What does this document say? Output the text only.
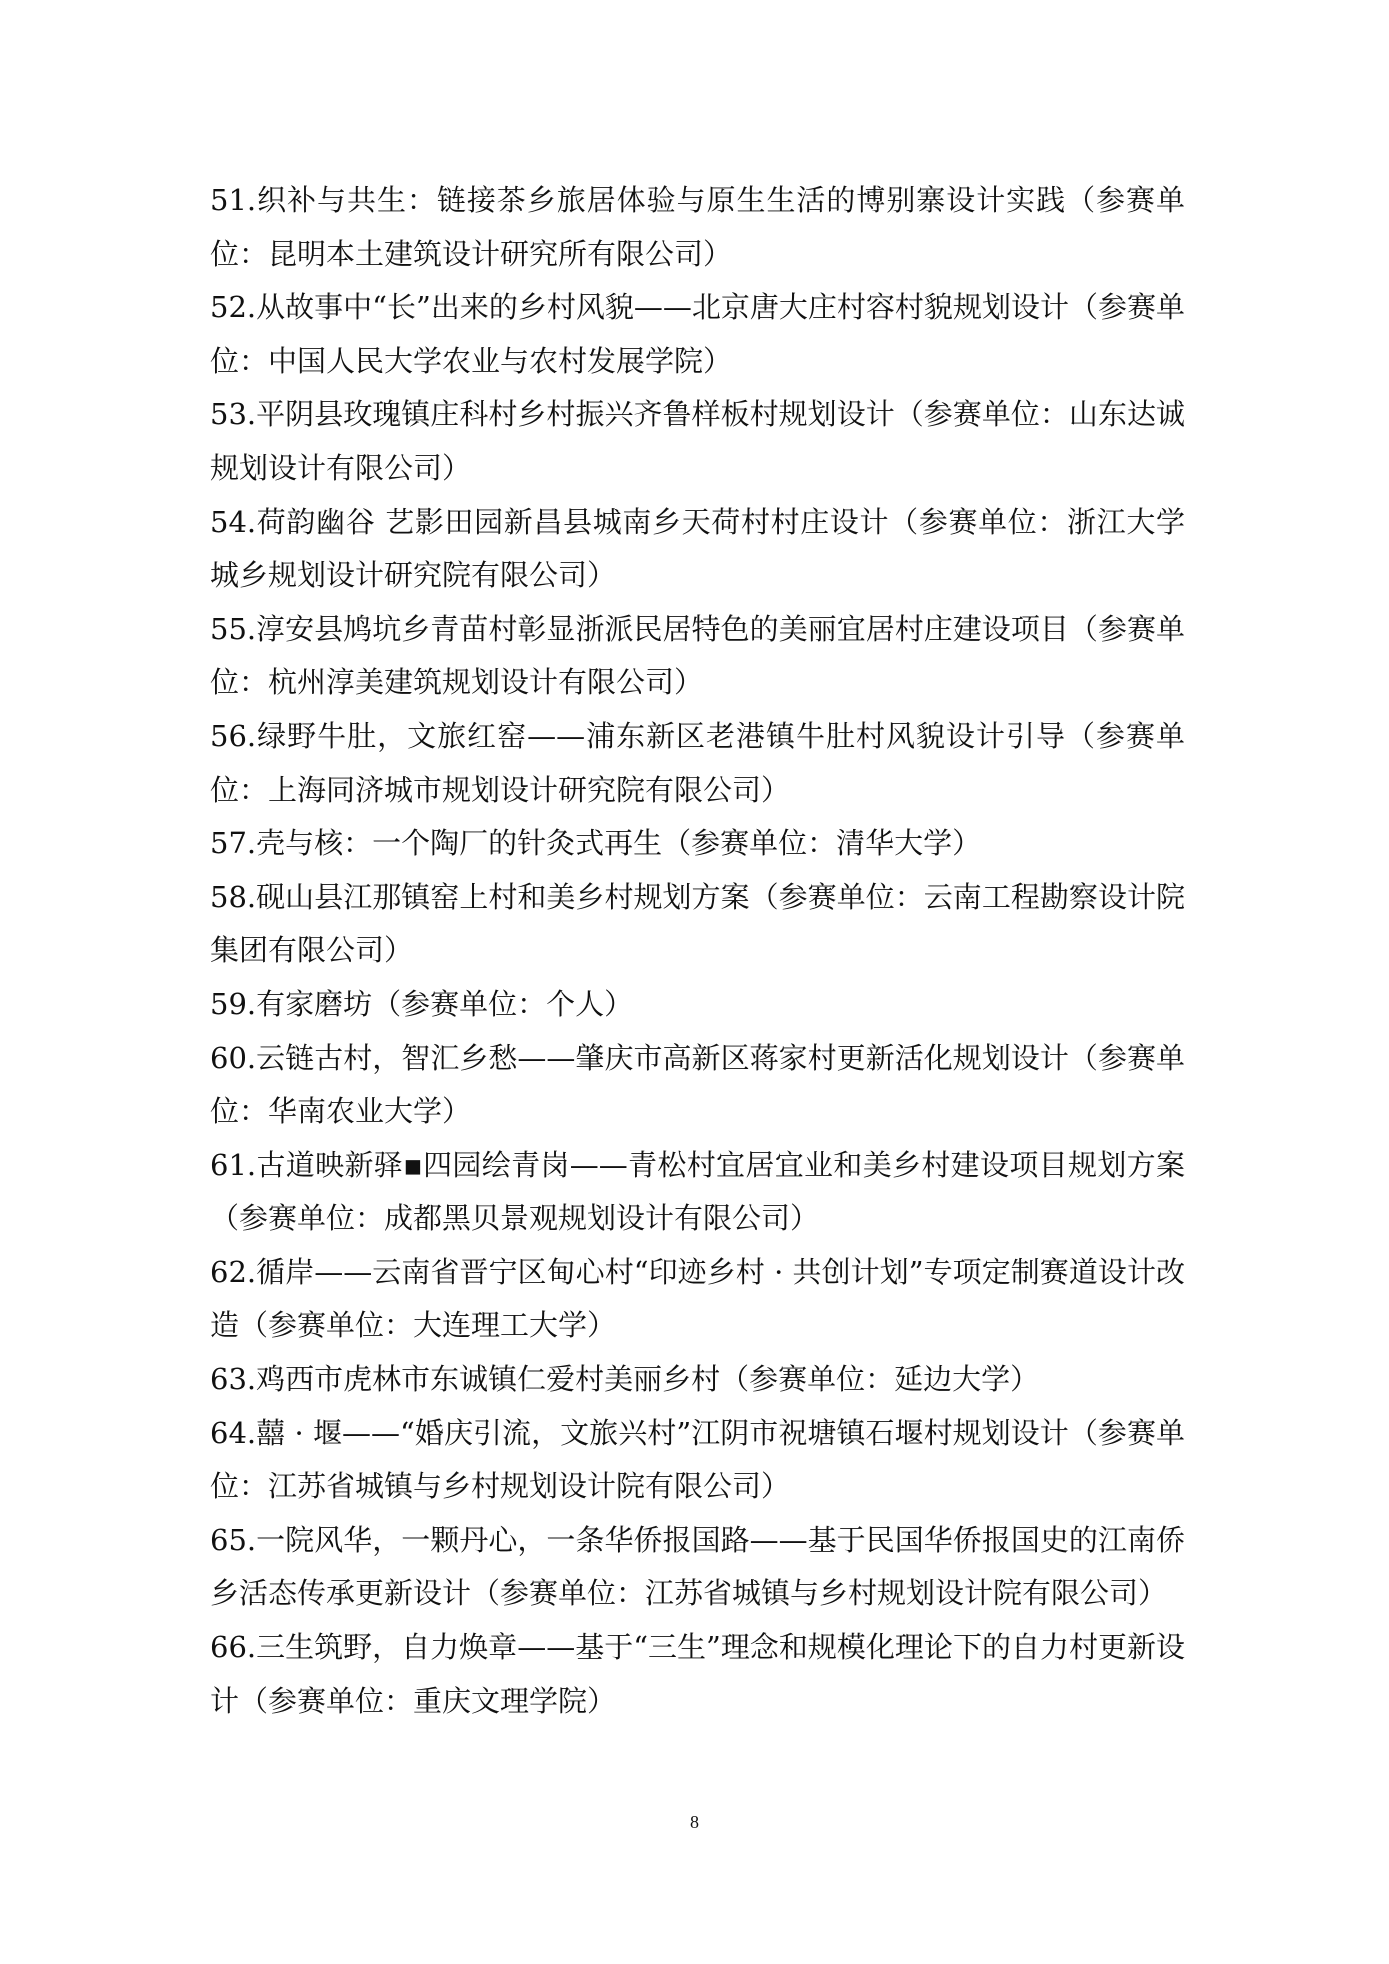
51.织补与共生：链接茶乡旅居体验与原生生活的博别寨设计实践（参赛单位：昆明本土建筑设计研究所有限公司）
52.从故事中“长”出来的乡村风貌——北京唐大庄村容村貌规划设计（参赛单位：中国人民大学农业与农村发展学院）
53.平阴县玫瑰镇庄科村乡村振兴齐鲁样板村规划设计（参赛单位：山东达诚规划设计有限公司）
54.荷韵幽谷 艺影田园新昌县城南乡天荷村村庄设计（参赛单位：浙江大学城乡规划设计研究院有限公司）
55.淳安县鸠坑乡青苗村彰显浙派民居特色的美丽宜居村庄建设项目（参赛单位：杭州淳美建筑规划设计有限公司）
56.绿野牛肚，文旅红窑——浦东新区老港镇牛肚村风貌设计引导（参赛单位：上海同济城市规划设计研究院有限公司）
57.壳与核：一个陶厂的针灸式再生（参赛单位：清华大学）
58.砚山县江那镇窑上村和美乡村规划方案（参赛单位：云南工程勘察设计院集团有限公司）
59.有家磨坊（参赛单位：个人）
60.云链古村，智汇乡愁——肇庆市高新区蒋家村更新活化规划设计（参赛单位：华南农业大学）
61.古道映新驿▪四园绘青岗——青松村宜居宜业和美乡村建设项目规划方案（参赛单位：成都黑贝景观规划设计有限公司）
62.循岸——云南省晋宁区甸心村“印迹乡村 · 共创计划”专项定制赛道设计改造（参赛单位：大连理工大学）
63.鸡西市虎林市东诚镇仁爱村美丽乡村（参赛单位：延边大学）
64.囍 · 堰——“婚庆引流，文旅兴村”江阴市祝塘镇石堰村规划设计（参赛单位：江苏省城镇与乡村规划设计院有限公司）
65.一院风华，一颗丹心，一条华侨报国路——基于民国华侨报国史的江南侨乡活态传承更新设计（参赛单位：江苏省城镇与乡村规划设计院有限公司）
66.三生筑野，自力焕章——基于“三生”理念和规模化理论下的自力村更新设计（参赛单位：重庆文理学院）
8
